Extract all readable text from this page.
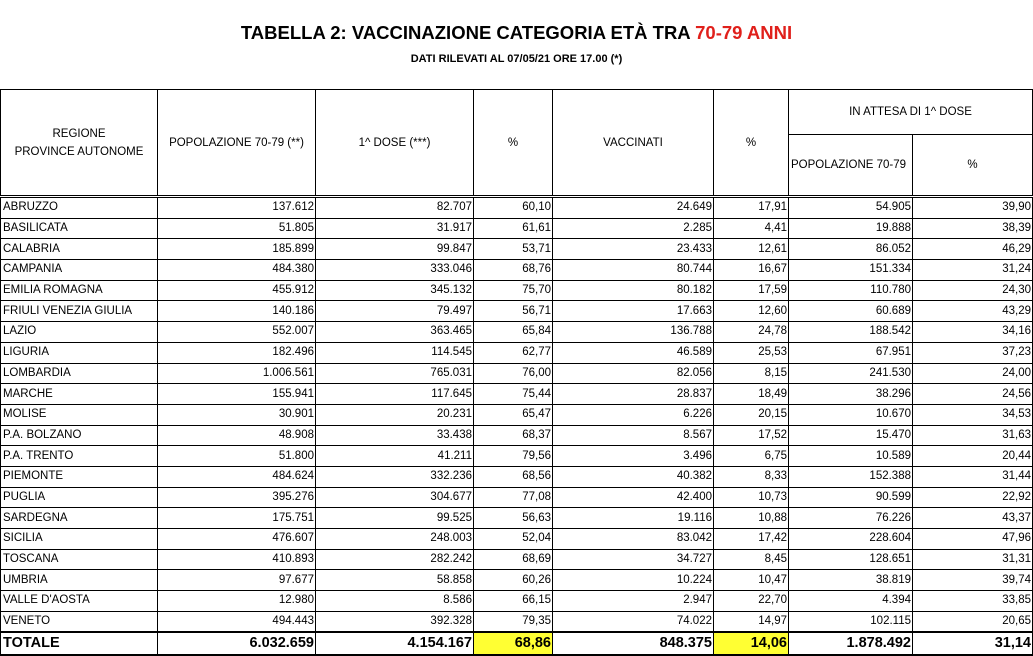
TABELLA 2: VACCINAZIONE CATEGORIA ETÀ TRA 70-79 ANNI
DATI RILEVATI AL 07/05/21 ORE 17.00 (*)
REGIONE
PROVINCE AUTONOME	POPOLAZIONE 70-79 (**)	1^ DOSE (***)	%	VACCINATI	%	IN ATTESA DI 1^ DOSE	
						POPOLAZIONE 70-79	%
ABRUZZO	137.612	82.707	60,10	24.649	17,91	54.905	39,90
BASILICATA	51.805	31.917	61,61	2.285	4,41	19.888	38,39
CALABRIA	185.899	99.847	53,71	23.433	12,61	86.052	46,29
CAMPANIA	484.380	333.046	68,76	80.744	16,67	151.334	31,24
EMILIA ROMAGNA	455.912	345.132	75,70	80.182	17,59	110.780	24,30
FRIULI VENEZIA GIULIA	140.186	79.497	56,71	17.663	12,60	60.689	43,29
LAZIO	552.007	363.465	65,84	136.788	24,78	188.542	34,16
LIGURIA	182.496	114.545	62,77	46.589	25,53	67.951	37,23
LOMBARDIA	1.006.561	765.031	76,00	82.056	8,15	241.530	24,00
MARCHE	155.941	117.645	75,44	28.837	18,49	38.296	24,56
MOLISE	30.901	20.231	65,47	6.226	20,15	10.670	34,53
P.A. BOLZANO	48.908	33.438	68,37	8.567	17,52	15.470	31,63
P.A. TRENTO	51.800	41.211	79,56	3.496	6,75	10.589	20,44
PIEMONTE	484.624	332.236	68,56	40.382	8,33	152.388	31,44
PUGLIA	395.276	304.677	77,08	42.400	10,73	90.599	22,92
SARDEGNA	175.751	99.525	56,63	19.116	10,88	76.226	43,37
SICILIA	476.607	248.003	52,04	83.042	17,42	228.604	47,96
TOSCANA	410.893	282.242	68,69	34.727	8,45	128.651	31,31
UMBRIA	97.677	58.858	60,26	10.224	10,47	38.819	39,74
VALLE D'AOSTA	12.980	8.586	66,15	2.947	22,70	4.394	33,85
VENETO	494.443	392.328	79,35	74.022	14,97	102.115	20,65
TOTALE	6.032.659	4.154.167	68,86	848.375	14,06	1.878.492	31,14
